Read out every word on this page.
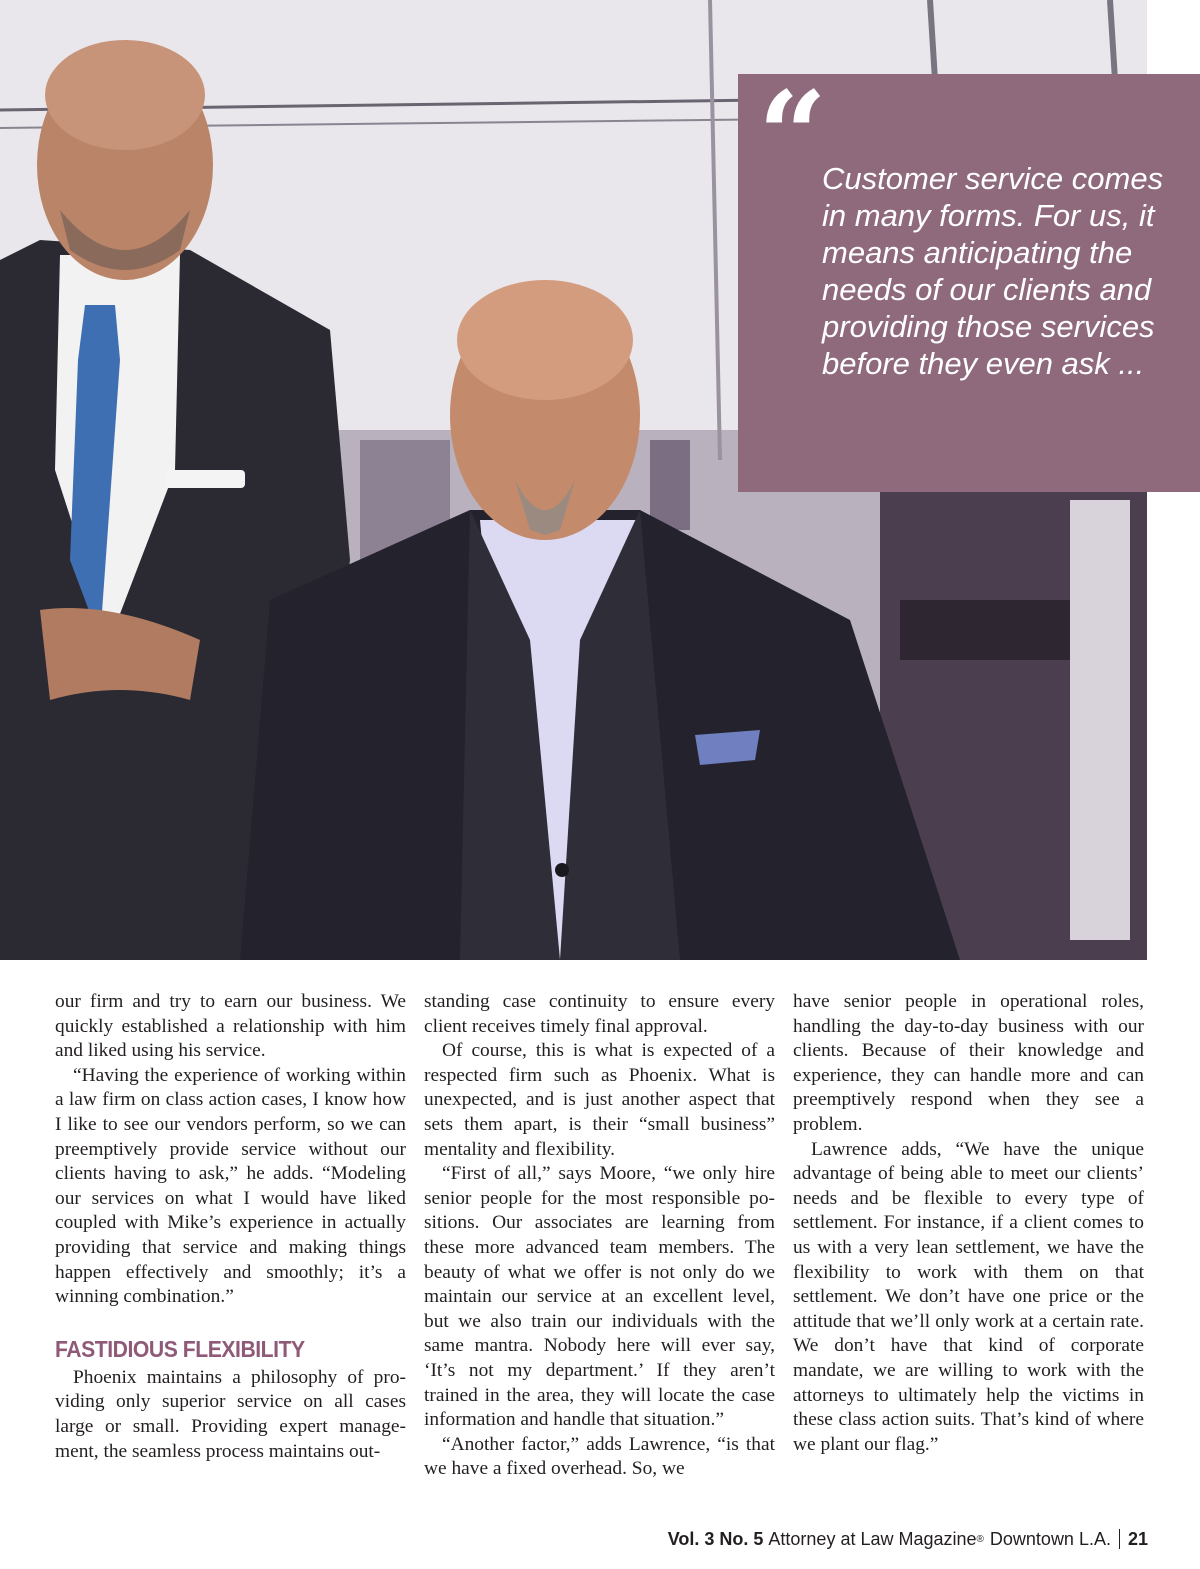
“

Customer service comes in many forms. For us, it means anticipating the needs of our clients and providing those services before they even ask ...

our firm and try to earn our business. We quickly established a relationship with him and liked using his service.

“Having the experience of working within a law firm on class action cases, I know how I like to see our vendors perform, so we can preemptively provide service without our clients having to ask,” he adds. “Modeling our services on what I would have liked coupled with Mike’s experience in actually providing that service and making things happen effectively and smoothly; it’s a winning combination.”

FASTIDIOUS FLEXIBILITY

Phoenix maintains a philosophy of providing only superior service on all cases large or small. Providing expert management, the seamless process maintains out-

standing case continuity to ensure every client receives timely final approval.

Of course, this is what is expected of a respected firm such as Phoenix. What is unexpected, and is just another aspect that sets them apart, is their “small business” mentality and flexibility.

“First of all,” says Moore, “we only hire senior people for the most responsible positions. Our associates are learning from these more advanced team members. The beauty of what we offer is not only do we maintain our service at an excellent level, but we also train our individuals with the same mantra. Nobody here will ever say, ‘It’s not my department.’ If they aren’t trained in the area, they will locate the case information and handle that situation.”

“Another factor,” adds Lawrence, “is that we have a fixed overhead. So, we

have senior people in operational roles, handling the day-to-day business with our clients. Because of their knowledge and experience, they can handle more and can preemptively respond when they see a problem.

Lawrence adds, “We have the unique advantage of being able to meet our clients’ needs and be flexible to every type of settlement. For instance, if a client comes to us with a very lean settlement, we have the flexibility to work with them on that settlement. We don’t have one price or the attitude that we’ll only work at a certain rate. We don’t have that kind of corporate mandate, we are willing to work with the attorneys to ultimately help the victims in these class action suits. That’s kind of where we plant our flag.”

Vol. 3 No. 5 Attorney at Law Magazine ® Downtown L.A. 21
